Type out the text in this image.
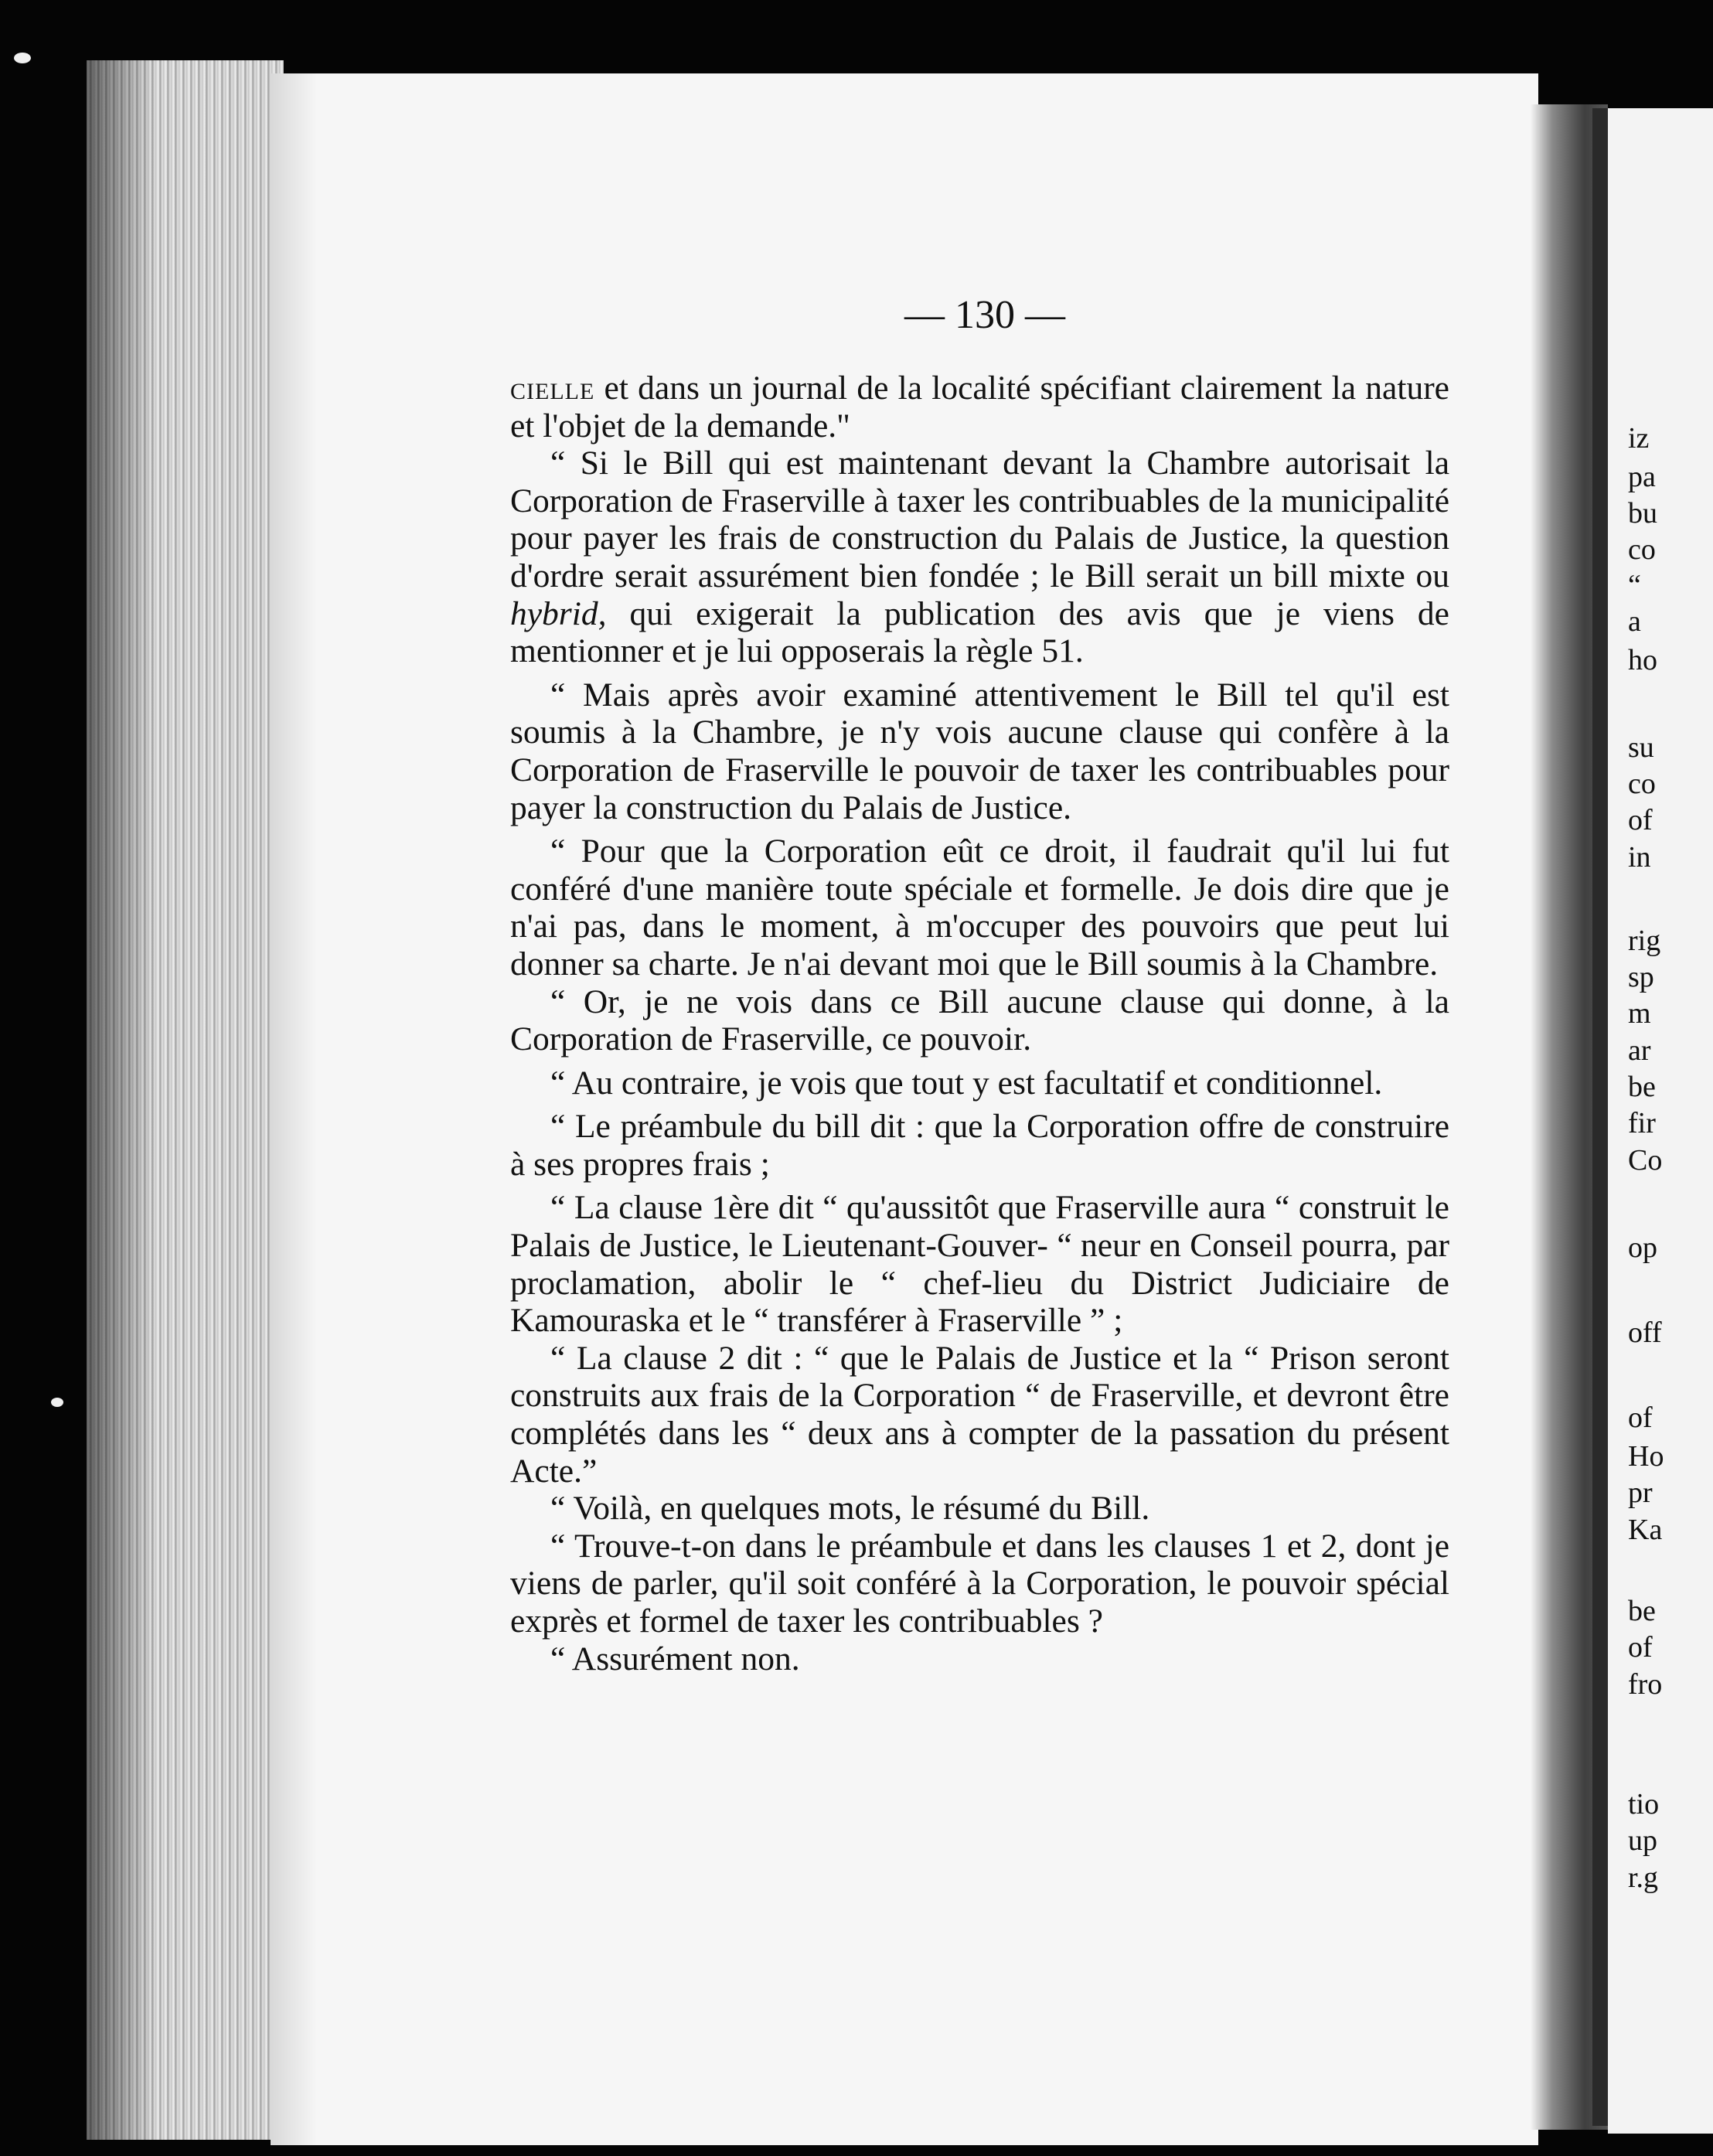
iz
pa
bu
co
“
a
ho
su
co
of
in
rig
sp
m
ar
be
fir
Co
op
off
of
Ho
pr
Ka
be
of
fro
tio
up
r.g
— 130 —

cielle et dans un journal de la localité spécifiant clairement la nature et l'objet de la demande."

“ Si le Bill qui est maintenant devant la Chambre autorisait la Corporation de Fraserville à taxer les contribuables de la municipalité pour payer les frais de construction du Palais de Justice, la question d'ordre serait assurément bien fondée ; le Bill serait un bill mixte ou hybrid, qui exigerait la publication des avis que je viens de mentionner et je lui opposerais la règle 51.

“ Mais après avoir examiné attentivement le Bill tel qu'il est soumis à la Chambre, je n'y vois aucune clause qui confère à la Corporation de Fraserville le pouvoir de taxer les contribuables pour payer la construction du Palais de Justice.

“ Pour que la Corporation eût ce droit, il faudrait qu'il lui fut conféré d'une manière toute spéciale et formelle. Je dois dire que je n'ai pas, dans le moment, à m'occuper des pouvoirs que peut lui donner sa charte. Je n'ai devant moi que le Bill soumis à la Chambre.

“ Or, je ne vois dans ce Bill aucune clause qui donne, à la Corporation de Fraserville, ce pouvoir.

“ Au contraire, je vois que tout y est facultatif et conditionnel.

“ Le préambule du bill dit : que la Corporation offre de construire à ses propres frais ;

“ La clause 1ère dit “ qu'aussitôt que Fraserville aura “ construit le Palais de Justice, le Lieutenant-Gouver- “ neur en Conseil pourra, par proclamation, abolir le “ chef-lieu du District Judiciaire de Kamouraska et le “ transférer à Fraserville ” ;

“ La clause 2 dit : “ que le Palais de Justice et la “ Prison seront construits aux frais de la Corporation “ de Fraserville, et devront être complétés dans les “ deux ans à compter de la passation du présent Acte.”

“ Voilà, en quelques mots, le résumé du Bill.

“ Trouve-t-on dans le préambule et dans les clauses 1 et 2, dont je viens de parler, qu'il soit conféré à la Corporation, le pouvoir spécial exprès et formel de taxer les contribuables ?

“ Assurément non.
